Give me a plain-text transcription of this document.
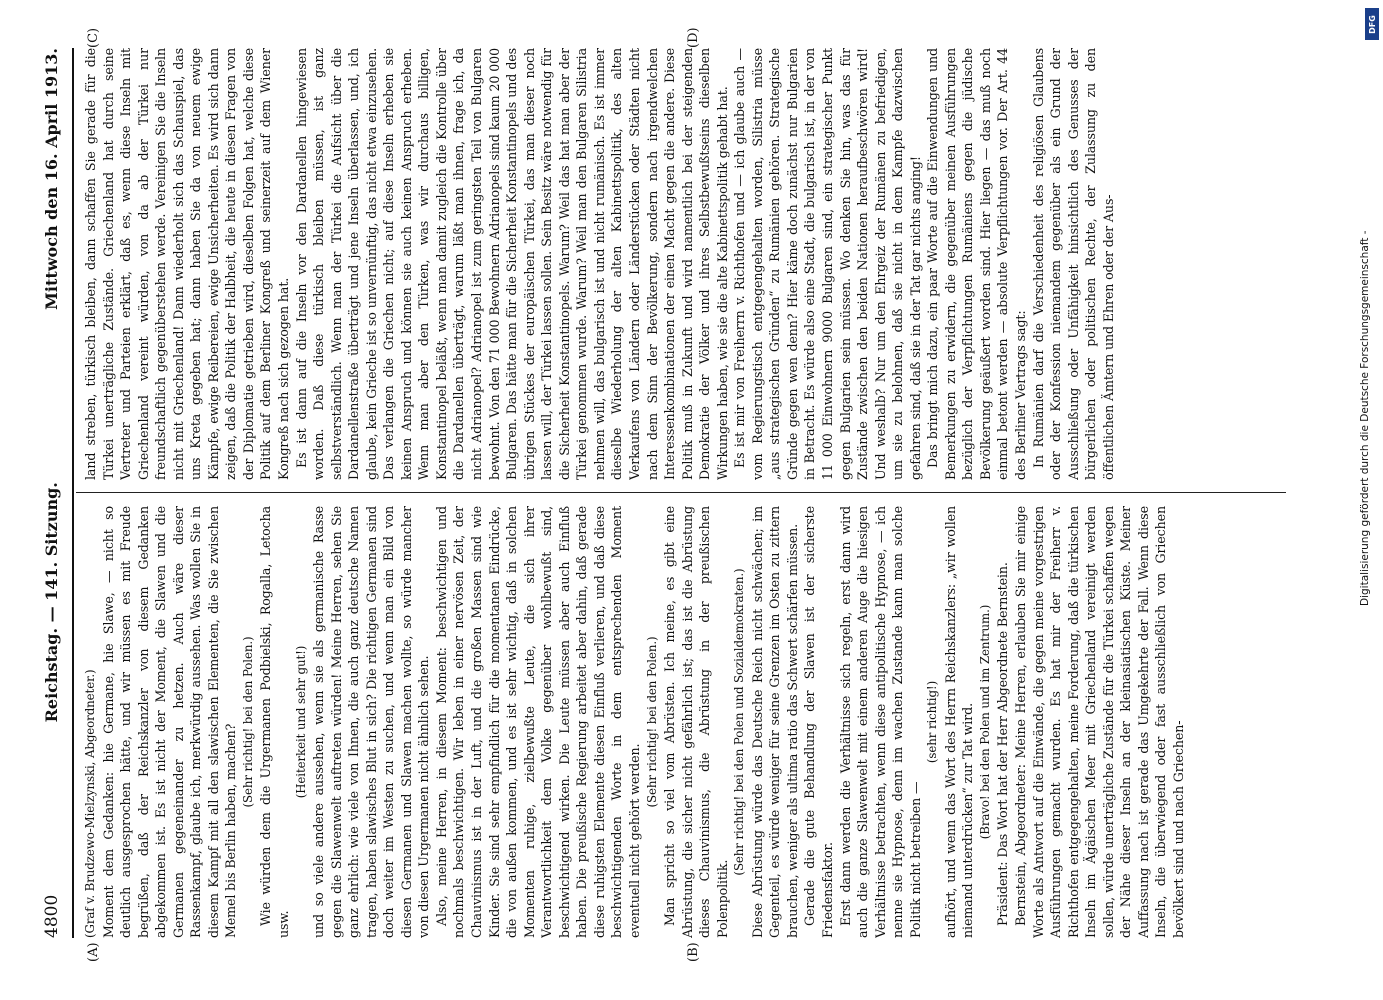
4800
Reichstag. — 141. Sitzung.
Mittwoch den 16. April 1913.
(A)	(B)
(C)	(D)

(Graf v. Brudzewo-Mielzynski, Abgeordneter.) Moment dem Gedanken: hie Germane, hie Slawe, — nicht so deutlich ausgesprochen hätte, und wir müssen es mit Freude begrüßen, daß der Reichskanzler von diesem Gedanken abgekommen ist. Es ist nicht der Moment, die Slawen und die Germanen gegeneinander zu hetzen. Auch wäre dieser Rassenkampf, glaube ich, merkwürdig aussehen. Was wollen Sie in diesem Kampf mit all den slawischen Elementen, die Sie zwischen Memel bis Berlin haben, machen?

(Sehr richtig! bei den Polen.) Wie würden dem die Urgermanen Podbielski, Rogalla, Letocha usw.

(Heiterkeit und sehr gut!) und so viele andere aussehen, wenn sie als germanische Rasse gegen die Slawenwelt auftreten würden! Meine Herren, sehen Sie ganz ehrlich: wie viele von Ihnen, die auch ganz deutsche Namen tragen, haben slawisches Blut in sich? Die richtigen Germanen sind doch weiter im Westen zu suchen, und wenn man ein Bild von diesen Germanen und Slawen machen wollte, so würde mancher von diesen Urgermanen nicht ähnlich sehen. Also, meine Herren, in diesem Moment: beschwichtigen und nochmals beschwichtigen. Wir leben in einer nervösen Zeit, der Chauvinismus ist in der Luft, und die großen Massen sind wie Kinder. Sie sind sehr empfindlich für die momentanen Eindrücke, die von außen kommen, und es ist sehr wichtig, daß in solchen Momenten ruhige, zielbewußte Leute, die sich ihrer Verantwortlichkeit dem Volke gegenüber wohlbewußt sind, beschwichtigend wirken. Die Leute müssen aber auch Einfluß haben. Die preußische Regierung arbeitet aber dahin, daß gerade diese ruhigsten Elemente diesen Einfluß verlieren, und daß diese beschwichtigenden Worte in dem entsprechenden Moment eventuell nicht gehört werden.

(Sehr richtig! bei den Polen.) Man spricht so viel vom Abrüsten. Ich meine, es gibt eine Abrüstung, die sicher nicht gefährlich ist; das ist die Abrüstung dieses Chauvinismus, die Abrüstung in der preußischen Polenpolitik.

(Sehr richtig! bei den Polen und Sozialdemokraten.) Diese Abrüstung würde das Deutsche Reich nicht schwächen; im Gegenteil, es würde weniger für seine Grenzen im Osten zu zittern brauchen, weniger als ultima ratio das Schwert schärfen müssen. Gerade die gute Behandlung der Slawen ist der sicherste Friedensfaktor. Erst dann werden die Verhältnisse sich regeln, erst dann wird auch die ganze Slawenwelt mit einem anderen Auge die hiesigen Verhältnisse betrachten, wenn diese antipolitische Hypnose, — ich nenne sie Hypnose, denn im wachen Zustande kann man solche Politik nicht betreiben —

(sehr richtig!) aufhört, und wenn das Wort des Herrn Reichskanzlers: „wir wollen niemand unterdrücken“ zur Tat wird. (Bravo! bei den Polen und im Zentrum.) Präsident: Das Wort hat der Herr Abgeordnete Bernstein. Bernstein, Abgeordneter: Meine Herren, erlauben Sie mir einige Worte als Antwort auf die Einwände, die gegen meine vorgestrigen Ausführungen gemacht wurden. Es hat mir der Freiherr v. Richthofen entgegengehalten, meine Forderung, daß die türkischen Inseln im Ägäischen Meer mit Griechenland vereinigt werden sollen, würde unerträgliche Zustände für die Türkei schaffen wegen der Nähe dieser Inseln an der kleinasiatischen Küste. Meiner Auffassung nach ist gerade das Umgekehrte der Fall. Wenn diese Inseln, die überwiegend oder fast ausschließlich von Griechen bevölkert sind und nach Griechen-

land streben, türkisch bleiben, dann schaffen Sie gerade für die Türkei unerträgliche Zustände. Griechenland hat durch seine Vertreter und Parteien erklärt, daß es, wenn diese Inseln mit Griechenland vereint würden, von da ab der Türkei nur freundschaftlich gegenüberstehen werde. Vereinigen Sie die Inseln nicht mit Griechenland! Dann wiederholt sich das Schauspiel, das uns Kreta gegeben hat; dann haben Sie da von neuem ewige Kämpfe, ewige Reibereien, ewige Unsicherheiten. Es wird sich dann zeigen, daß die Politik der Halbheit, die heute in diesen Fragen von der Diplomatie getrieben wird, dieselben Folgen hat, welche diese Politik auf dem Berliner Kongreß und seinerzeit auf dem Wiener Kongreß nach sich gezogen hat. Es ist dann auf die Inseln vor den Dardanellen hingewiesen worden. Daß diese türkisch bleiben müssen, ist ganz selbstverständlich. Wenn man der Türkei die Aufsicht über die Dardanellenstraße überträgt und jene Inseln überlassen, und, ich glaube, kein Grieche ist so unvernünftig, das nicht etwa einzusehen. Das verlangen die Griechen nicht; auf diese Inseln erheben sie keinen Anspruch und können sie auch keinen Anspruch erheben. Wenn man aber den Türken, was wir durchaus billigen, Konstantinopel beläßt, wenn man damit zugleich die Kontrolle über die Dardanellen überträgt, warum läßt man ihnen, frage ich, da nicht Adrianopel? Adrianopel ist zum geringsten Teil von Bulgaren bewohnt. Von den 71 000 Bewohnern Adrianopels sind kaum 20 000 Bulgaren. Das hätte man für die Sicherheit Konstantinopels und des übrigen Stückes der europäischen Türkei, das man dieser noch lassen will, der Türkei lassen sollen. Sein Besitz wäre notwendig für die Sicherheit Konstantinopels. Warum? Weil das hat man aber der Türkei genommen wurde. Warum? Weil man den Bulgaren Silistria nehmen will, das bulgarisch ist und nicht rumänisch. Es ist immer dieselbe Wiederholung der alten Kabinettspolitik, des alten Verkaufens von Ländern oder Länderstücken oder Städten nicht nach dem Sinn der Bevölkerung, sondern nach irgendwelchen Interessenkombinationen der einen Macht gegen die andere. Diese Politik muß in Zukunft und wird namentlich bei der steigenden Demokratie der Völker und ihres Selbstbewußtseins dieselben Wirkungen haben, wie sie die alte Kabinettspolitik gehabt hat. Es ist mir von Freiherrn v. Richthofen und — ich glaube auch — vom Regierungstisch entgegengehalten worden, Silistria müsse „aus strategischen Gründen“ zu Rumänien gehören. Strategische Gründe gegen wen denn? Hier käme doch zunächst nur Bulgarien in Betracht. Es würde also eine Stadt, die bulgarisch ist, in der von 11 000 Einwohnern 9000 Bulgaren sind, ein strategischer Punkt gegen Bulgarien sein müssen. Wo denken Sie hin, was das für Zustände zwischen den beiden Nationen heraufbeschwören wird! Und weshalb? Nur um den Ehrgeiz der Rumänen zu befriedigen, um sie zu belohnen, daß sie nicht in dem Kampfe dazwischen gefahren sind, daß sie in der Tat gar nichts anging! Das bringt mich dazu, ein paar Worte auf die Einwendungen und Bemerkungen zu erwidern, die gegenüber meinen Ausführungen bezüglich der Verpflichtungen Rumäniens gegen die jüdische Bevölkerung geäußert worden sind. Hier liegen — das muß noch einmal betont werden — absolute Verpflichtungen vor. Der Art. 44 des Berliner Vertrags sagt: In Rumänien darf die Verschiedenheit des religiösen Glaubens oder der Konfession niemandem gegenüber als ein Grund der Ausschließung oder Unfähigkeit hinsichtlich des Genusses der bürgerlichen oder politischen Rechte, der Zulassung zu den öffentlichen Ämtern und Ehren oder der Aus-	Digitalisierung gefördert durch die Deutsche Forschungsgemeinschaft -
DFG
